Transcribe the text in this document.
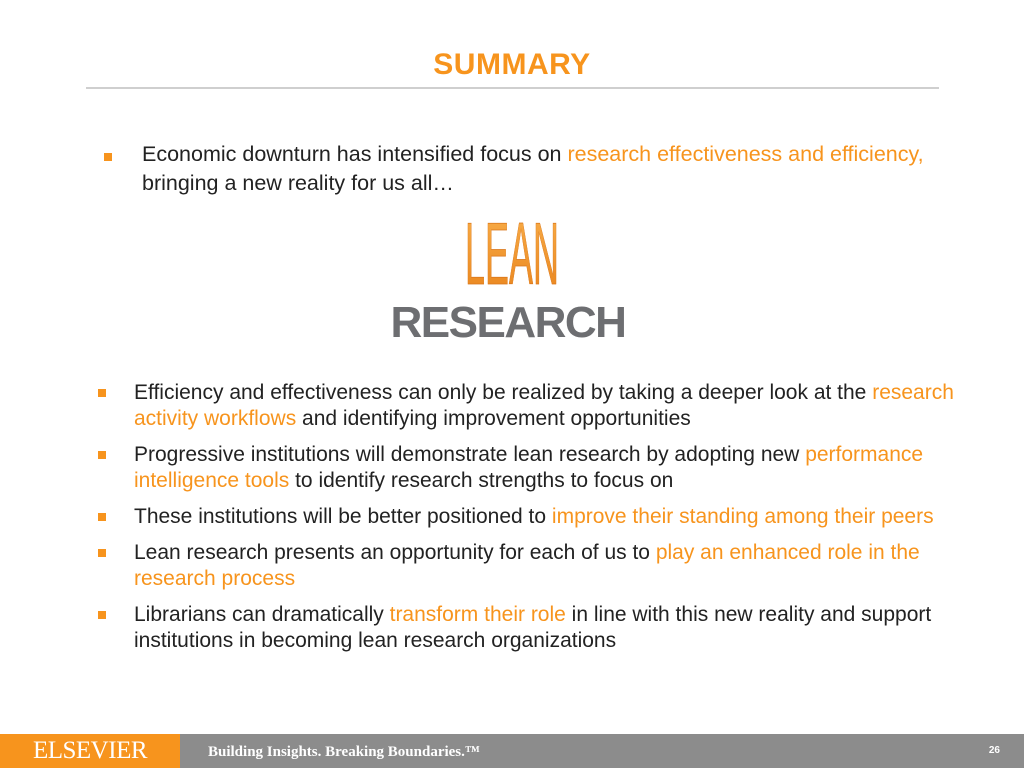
SUMMARY
Economic downturn has intensified focus on research effectiveness and efficiency, bringing a new reality for us all…
LEAN
RESEARCH
Efficiency and effectiveness can only be realized by taking a deeper look at the research activity workflows and identifying improvement opportunities
Progressive institutions will demonstrate lean research by adopting new performance intelligence tools to identify research strengths to focus on
These institutions will be better positioned to improve their standing among their peers
Lean research presents an opportunity for each of us to play an enhanced role in the research process
Librarians can dramatically transform their role in line with this new reality and support institutions in becoming lean research organizations
ELSEVIER	Building Insights. Breaking Boundaries.™	26
